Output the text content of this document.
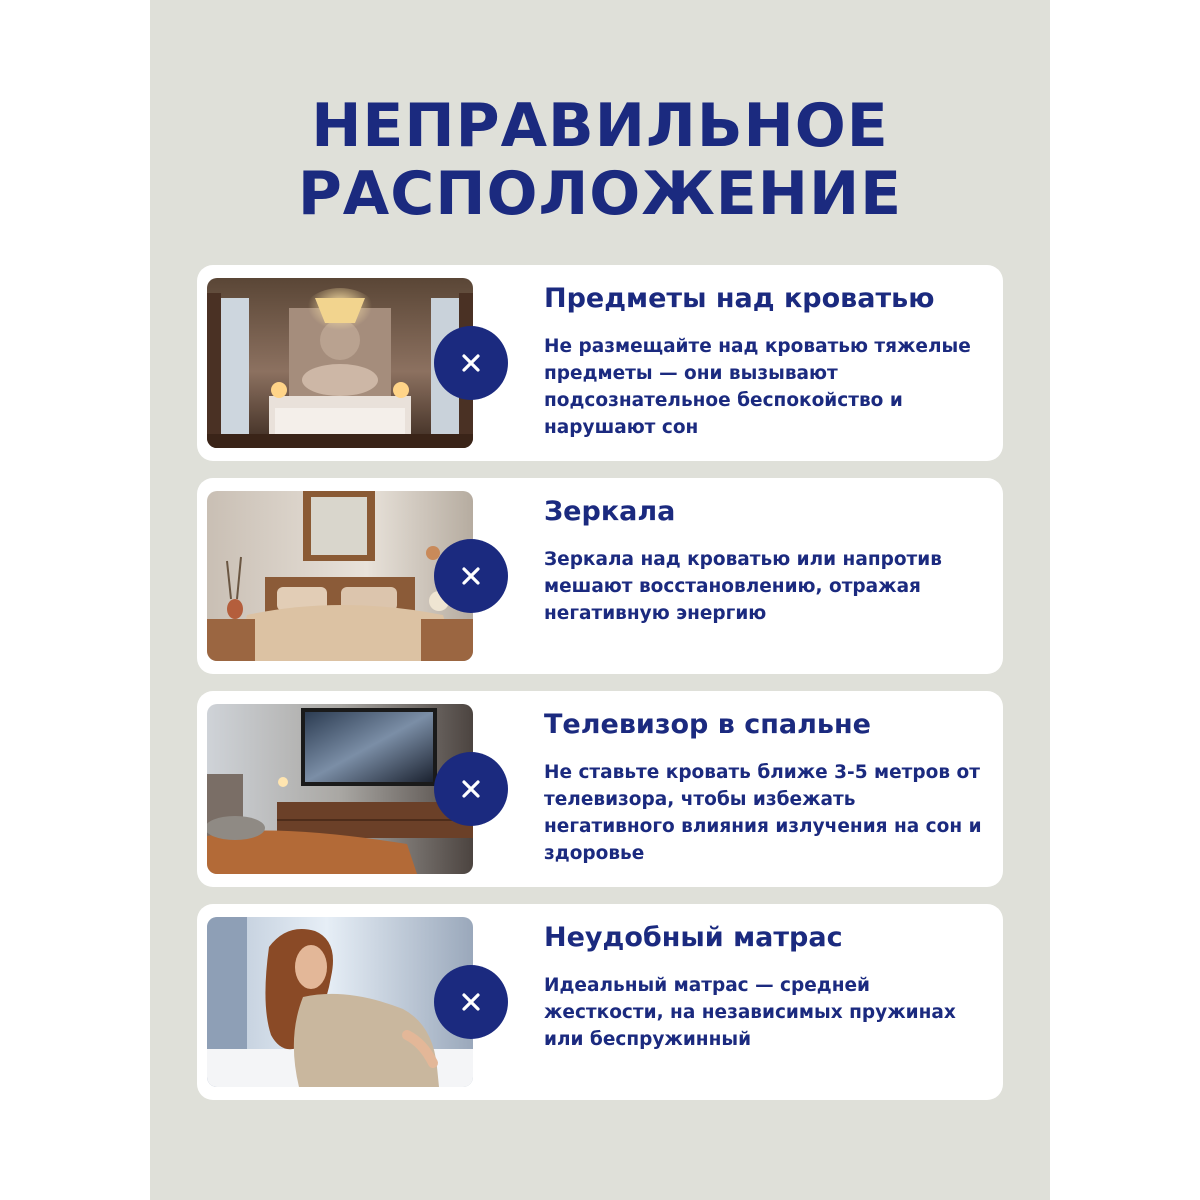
НЕПРАВИЛЬНОЕ
РАСПОЛОЖЕНИЕ
Предметы над кроватью
Не размещайте над кроватью тяжелые предметы — они вызывают подсознательное беспокойство и нарушают сон
Зеркала
Зеркала над кроватью или напротив мешают восстановлению, отражая негативную энергию
Телевизор в спальне
Не ставьте кровать ближе 3-5 метров от телевизора, чтобы избежать негативного влияния излучения на сон и здоровье
Неудобный матрас
Идеальный матрас — средней жесткости, на независимых пружинах или беспружинный
